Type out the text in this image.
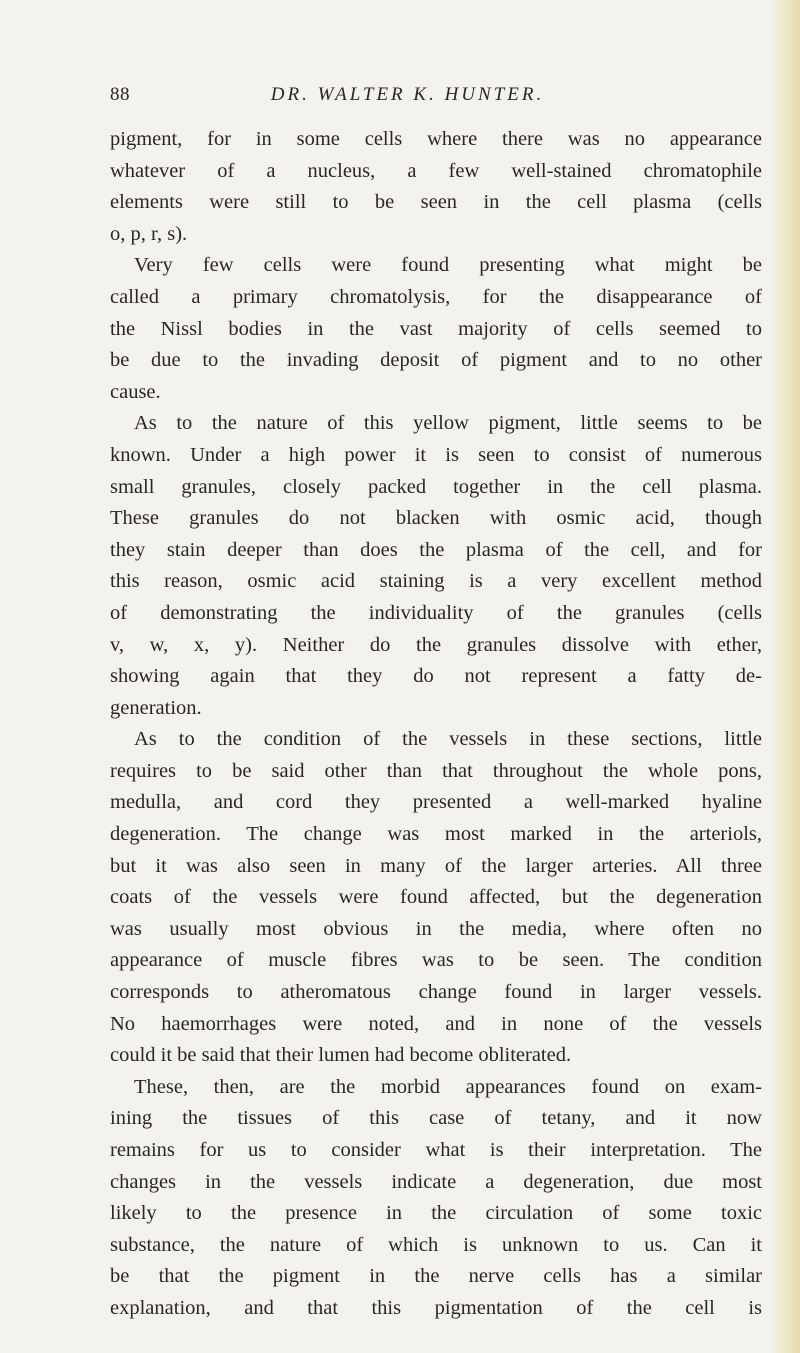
88	DR. WALTER K. HUNTER.
pigment, for in some cells where there was no appearance
whatever of a nucleus, a few well-stained chromatophile
elements were still to be seen in the cell plasma (cells
o, p, r, s).
Very few cells were found presenting what might be
called a primary chromatolysis, for the disappearance of
the Nissl bodies in the vast majority of cells seemed to
be due to the invading deposit of pigment and to no other
cause.
As to the nature of this yellow pigment, little seems to be
known. Under a high power it is seen to consist of numerous
small granules, closely packed together in the cell plasma.
These granules do not blacken with osmic acid, though
they stain deeper than does the plasma of the cell, and for
this reason, osmic acid staining is a very excellent method
of demonstrating the individuality of the granules (cells
v, w, x, y). Neither do the granules dissolve with ether,
showing again that they do not represent a fatty de-
generation.
As to the condition of the vessels in these sections, little
requires to be said other than that throughout the whole pons,
medulla, and cord they presented a well-marked hyaline
degeneration. The change was most marked in the arteriols,
but it was also seen in many of the larger arteries. All three
coats of the vessels were found affected, but the degeneration
was usually most obvious in the media, where often no
appearance of muscle fibres was to be seen. The condition
corresponds to atheromatous change found in larger vessels.
No haemorrhages were noted, and in none of the vessels
could it be said that their lumen had become obliterated.
These, then, are the morbid appearances found on exam-
ining the tissues of this case of tetany, and it now
remains for us to consider what is their interpretation. The
changes in the vessels indicate a degeneration, due most
likely to the presence in the circulation of some toxic
substance, the nature of which is unknown to us. Can it
be that the pigment in the nerve cells has a similar
explanation, and that this pigmentation of the cell is
